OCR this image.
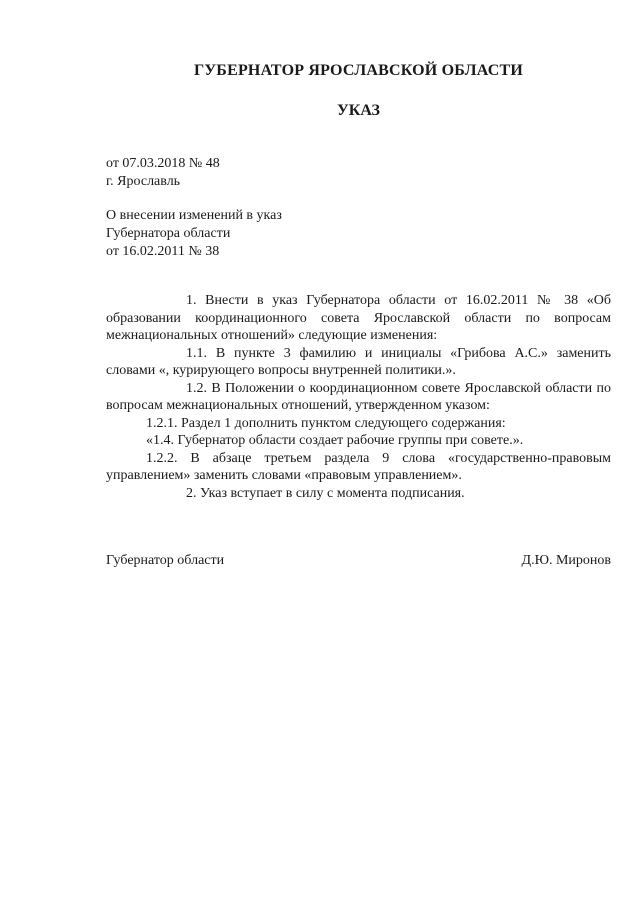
ГУБЕРНАТОР ЯРОСЛАВСКОЙ ОБЛАСТИ
УКАЗ
от 07.03.2018 № 48
г. Ярославль
О внесении изменений в указ
Губернатора области
от 16.02.2011 № 38

1. Внести в указ Губернатора области от 16.02.2011 № 38 «Об образовании координационного совета Ярославской области по вопросам межнациональных отношений» следующие изменения:

1.1. В пункте 3 фамилию и инициалы «Грибова А.С.» заменить словами «, курирующего вопросы внутренней политики.».

1.2. В Положении о координационном совете Ярославской области по вопросам межнациональных отношений, утвержденном указом:

1.2.1. Раздел 1 дополнить пунктом следующего содержания:

«1.4. Губернатор области создает рабочие группы при совете.».

1.2.2. В абзаце третьем раздела 9 слова «государственно-правовым управлением» заменить словами «правовым управлением».

2. Указ вступает в силу с момента подписания.

Губернатор области	Д.Ю. Миронов
